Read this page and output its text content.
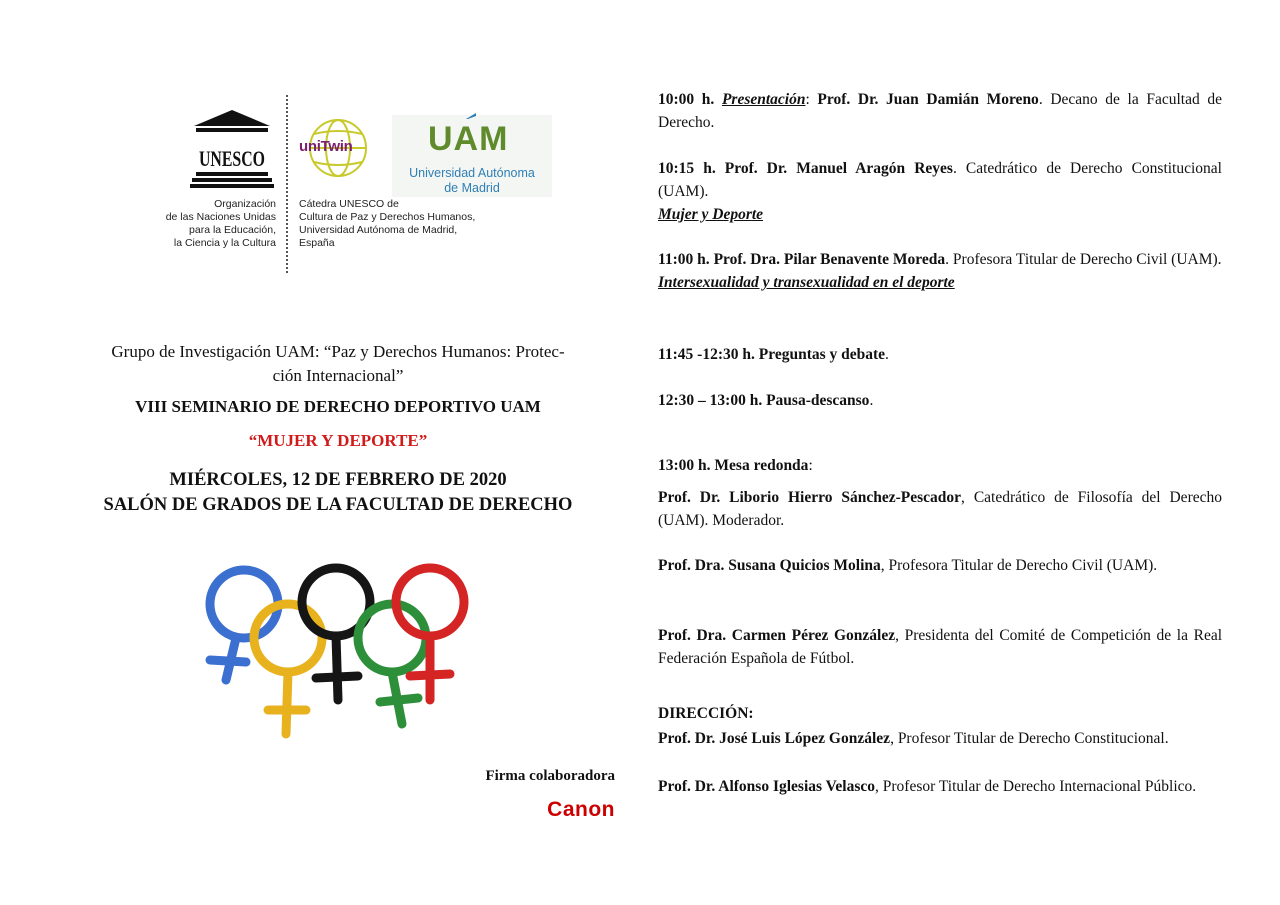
UNESCO
Organización
de las Naciones Unidas
para la Educación,
la Ciencia y la Cultura
uniTwin
Cátedra UNESCO de
Cultura de Paz y Derechos Humanos,
Universidad Autónoma de Madrid,
España
UAM
Universidad Autónoma
de Madrid
Grupo de Investigación UAM: “Paz y Derechos Humanos: Protec-
ción Internacional”
VIII SEMINARIO DE DERECHO DEPORTIVO UAM
“MUJER Y DEPORTE”
MIÉRCOLES, 12 DE FEBRERO DE 2020
SALÓN DE GRADOS DE LA FACULTAD DE DERECHO
Firma colaboradora
Canon
10:00 h. Presentación: Prof. Dr. Juan Damián Moreno. Decano de la Facultad de Derecho.
10:15 h. Prof. Dr. Manuel Aragón Reyes. Catedrático de Derecho Constitucional (UAM).
Mujer y Deporte
11:00 h. Prof. Dra. Pilar Benavente Moreda. Profesora Titular de Derecho Civil (UAM).
Intersexualidad y transexualidad en el deporte
11:45 -12:30 h. Preguntas y debate.
12:30 – 13:00 h. Pausa-descanso.
13:00 h. Mesa redonda:
Prof. Dr. Liborio Hierro Sánchez-Pescador, Catedrático de Filosofía del Derecho (UAM). Moderador.
Prof. Dra. Susana Quicios Molina, Profesora Titular de Derecho Civil (UAM).
Prof. Dra. Carmen Pérez González, Presidenta del Comité de Competición de la Real Federación Española de Fútbol.
DIRECCIÓN:
Prof. Dr. José Luis López González, Profesor Titular de Derecho Constitucional.
Prof. Dr. Alfonso Iglesias Velasco, Profesor Titular de Derecho Internacional Público.
